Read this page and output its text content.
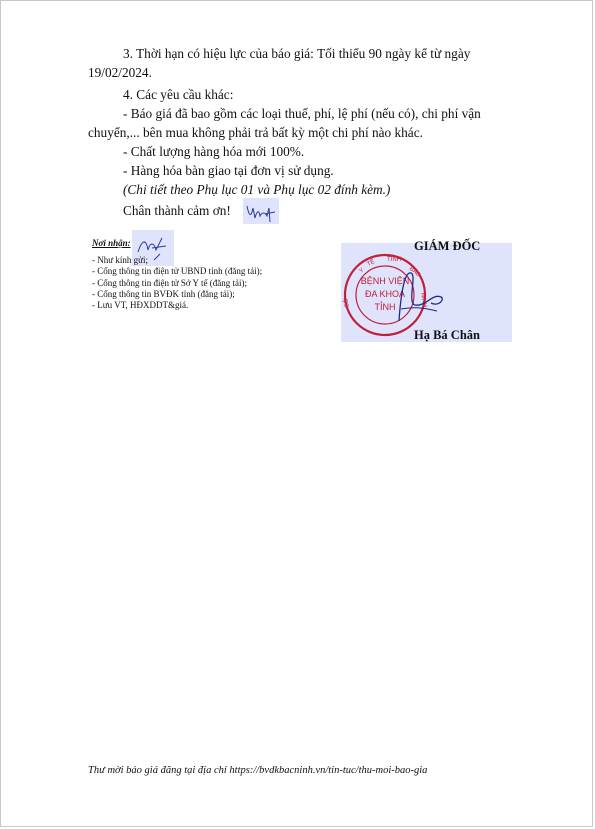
3. Thời hạn có hiệu lực của báo giá: Tối thiểu 90 ngày kể từ ngày
19/02/2024.
4. Các yêu cầu khác:
- Báo giá đã bao gồm các loại thuế, phí, lệ phí (nếu có), chi phí vận
chuyển,... bên mua không phải trả bất kỳ một chi phí nào khác.
- Chất lượng hàng hóa mới 100%.
- Hàng hóa bàn giao tại đơn vị sử dụng.
(Chi tiết theo Phụ lục 01 và Phụ lục 02 đính kèm.)
Chân thành cảm ơn!
Nơi nhận:
- Như kính gửi;
- Cổng thông tin điện tử UBND tỉnh (đăng tải);
- Cổng thông tin điện tử Sở Y tế (đăng tải);
- Cổng thông tin BVĐK tỉnh (đăng tải);
- Lưu VT, HĐXDDT&giá.
GIÁM ĐỐC
BỆNH VIỆN
ĐA KHOA
TỈNH
Y
TẾ TỈNH
BẮC
NINH
SỞ
Hạ Bá Chân
Thư mời báo giá đăng tại địa chỉ https://bvdkbacninh.vn/tin-tuc/thu-moi-bao-gia
